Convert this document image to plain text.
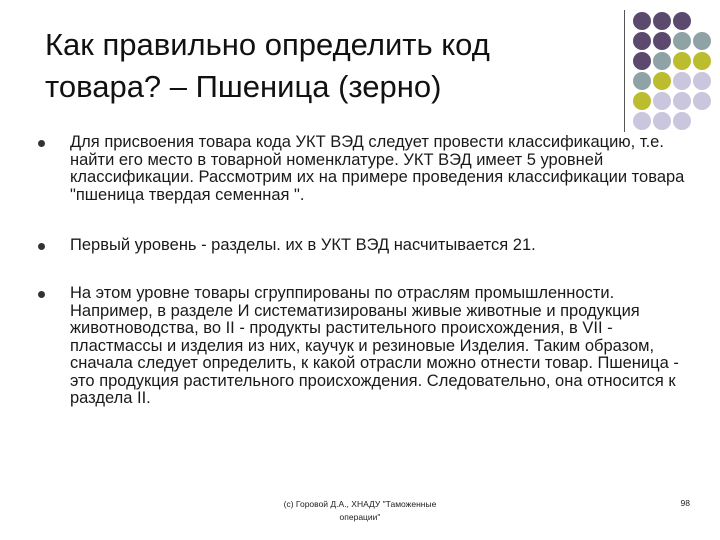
Как правильно определить код товара? – Пшеница (зерно)
Для присвоения товара кода УКТ ВЭД следует провести классификацию, т.е. найти его место в товарной номенклатуре. УКТ ВЭД имеет 5 уровней классификации. Рассмотрим их на примере проведения классификации товара "пшеница твердая семенная ".
Первый уровень - разделы. их в УКТ ВЭД насчитывается 21.
На этом уровне товары сгруппированы по отраслям промышленности. Например, в разделе И систематизированы живые животные и продукция животноводства, во II - продукты растительного происхождения, в VII - пластмассы и изделия из них, каучук и резиновые Изделия. Таким образом, сначала следует определить, к какой отрасли можно отнести товар. Пшеница - это продукция растительного происхождения. Следовательно, она относится к раздела II.
(с) Горовой Д.А., ХНАДУ "Таможенные операции"
98
